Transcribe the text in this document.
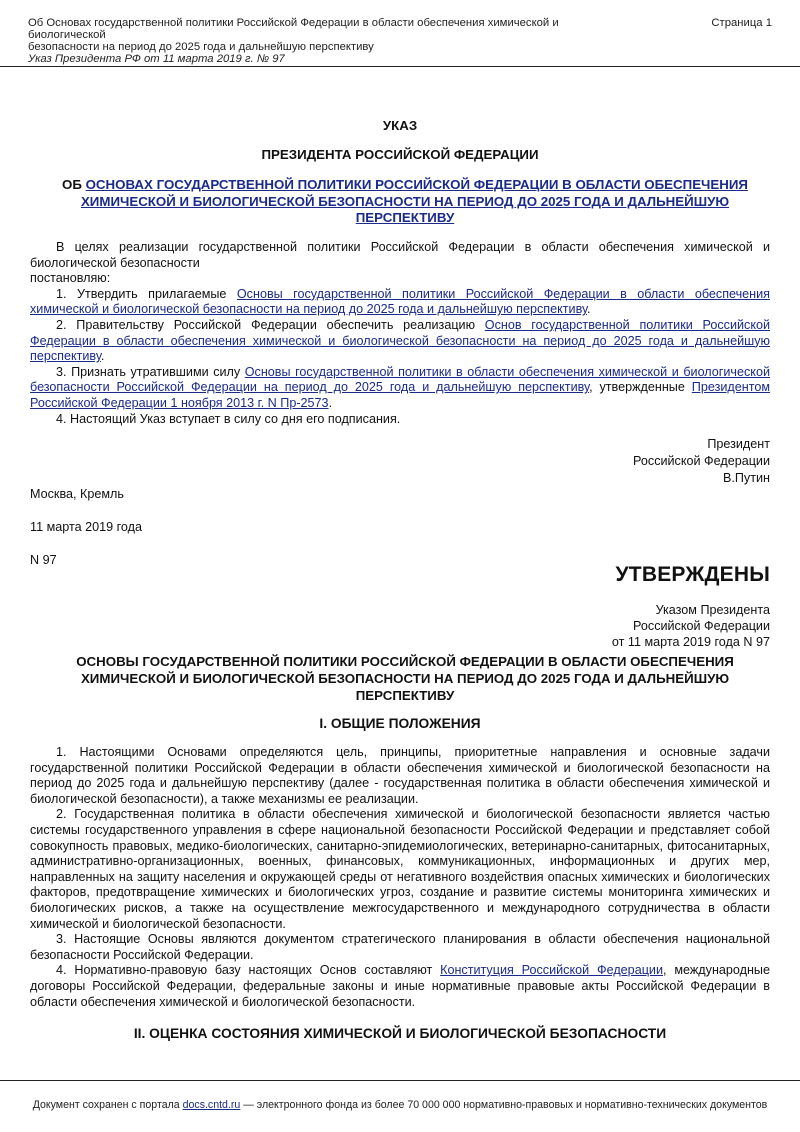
Об Основах государственной политики Российской Федерации в области обеспечения химической и биологической
безопасности на период до 2025 года и дальнейшую перспективу
Указ Президента РФ от 11 марта 2019 г. № 97
Страница 1
УКАЗ
ПРЕЗИДЕНТА РОССИЙСКОЙ ФЕДЕРАЦИИ
ОБ ОСНОВАХ ГОСУДАРСТВЕННОЙ ПОЛИТИКИ РОССИЙСКОЙ ФЕДЕРАЦИИ В ОБЛАСТИ ОБЕСПЕЧЕНИЯ ХИМИЧЕСКОЙ И БИОЛОГИЧЕСКОЙ БЕЗОПАСНОСТИ НА ПЕРИОД ДО 2025 ГОДА И ДАЛЬНЕЙШУЮ ПЕРСПЕКТИВУ

В целях реализации государственной политики Российской Федерации в области обеспечения химической и биологической безопасности

постановляю:

1. Утвердить прилагаемые Основы государственной политики Российской Федерации в области обеспечения химической и биологической безопасности на период до 2025 года и дальнейшую перспективу.

2. Правительству Российской Федерации обеспечить реализацию Основ государственной политики Российской Федерации в области обеспечения химической и биологической безопасности на период до 2025 года и дальнейшую перспективу.

3. Признать утратившими силу Основы государственной политики в области обеспечения химической и биологической безопасности Российской Федерации на период до 2025 года и дальнейшую перспективу, утвержденные Президентом Российской Федерации 1 ноября 2013 г. N Пр-2573.

4. Настоящий Указ вступает в силу со дня его подписания.

Президент
Российской Федерации
В.Путин
Москва, Кремль
11 марта 2019 года
N 97
УТВЕРЖДЕНЫ
Указом Президента
Российской Федерации
от 11 марта 2019 года N 97
ОСНОВЫ ГОСУДАРСТВЕННОЙ ПОЛИТИКИ РОССИЙСКОЙ ФЕДЕРАЦИИ В ОБЛАСТИ ОБЕСПЕЧЕНИЯ ХИМИЧЕСКОЙ И БИОЛОГИЧЕСКОЙ БЕЗОПАСНОСТИ НА ПЕРИОД ДО 2025 ГОДА И ДАЛЬНЕЙШУЮ ПЕРСПЕКТИВУ
I. ОБЩИЕ ПОЛОЖЕНИЯ

1. Настоящими Основами определяются цель, принципы, приоритетные направления и основные задачи государственной политики Российской Федерации в области обеспечения химической и биологической безопасности на период до 2025 года и дальнейшую перспективу (далее - государственная политика в области обеспечения химической и биологической безопасности), а также механизмы ее реализации.

2. Государственная политика в области обеспечения химической и биологической безопасности является частью системы государственного управления в сфере национальной безопасности Российской Федерации и представляет собой совокупность правовых, медико-биологических, санитарно-эпидемиологических, ветеринарно-санитарных, фитосанитарных, административно-организационных, военных, финансовых, коммуникационных, информационных и других мер, направленных на защиту населения и окружающей среды от негативного воздействия опасных химических и биологических факторов, предотвращение химических и биологических угроз, создание и развитие системы мониторинга химических и биологических рисков, а также на осуществление межгосударственного и международного сотрудничества в области химической и биологической безопасности.

3. Настоящие Основы являются документом стратегического планирования в области обеспечения национальной безопасности Российской Федерации.

4. Нормативно-правовую базу настоящих Основ составляют Конституция Российской Федерации, международные договоры Российской Федерации, федеральные законы и иные нормативные правовые акты Российской Федерации в области обеспечения химической и биологической безопасности.

II. ОЦЕНКА СОСТОЯНИЯ ХИМИЧЕСКОЙ И БИОЛОГИЧЕСКОЙ БЕЗОПАСНОСТИ
Документ сохранен с портала docs.cntd.ru — электронного фонда из более 70 000 000 нормативно-правовых и нормативно-технических документов
